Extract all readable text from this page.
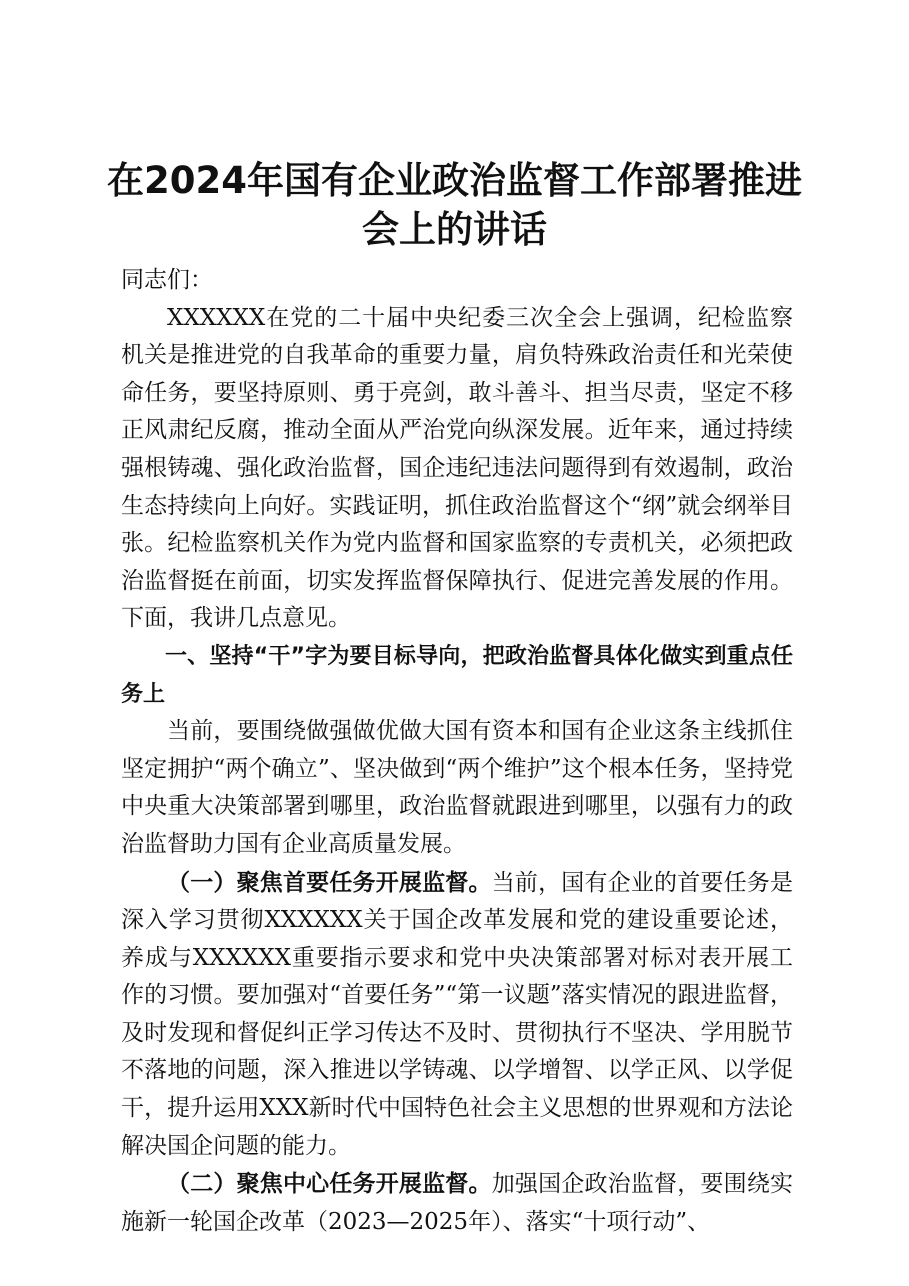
在2024年国有企业政治监督工作部署推进会上的讲话

同志们：

XXXXXX在党的二十届中央纪委三次全会上强调，纪检监察机关是推进党的自我革命的重要力量，肩负特殊政治责任和光荣使命任务，要坚持原则、勇于亮剑，敢斗善斗、担当尽责，坚定不移正风肃纪反腐，推动全面从严治党向纵深发展。近年来，通过持续强根铸魂、强化政治监督，国企违纪违法问题得到有效遏制，政治生态持续向上向好。实践证明，抓住政治监督这个“纲”就会纲举目张。纪检监察机关作为党内监督和国家监察的专责机关，必须把政治监督挺在前面，切实发挥监督保障执行、促进完善发展的作用。下面，我讲几点意见。

一、坚持“干”字为要目标导向，把政治监督具体化做实到重点任务上

当前，要围绕做强做优做大国有资本和国有企业这条主线抓住坚定拥护“两个确立”、坚决做到“两个维护”这个根本任务，坚持党中央重大决策部署到哪里，政治监督就跟进到哪里，以强有力的政治监督助力国有企业高质量发展。

（一）聚焦首要任务开展监督。当前，国有企业的首要任务是深入学习贯彻XXXXXX关于国企改革发展和党的建设重要论述，养成与XXXXXX重要指示要求和党中央决策部署对标对表开展工作的习惯。要加强对“首要任务”“第一议题”落实情况的跟进监督，及时发现和督促纠正学习传达不及时、贯彻执行不坚决、学用脱节不落地的问题，深入推进以学铸魂、以学增智、以学正风、以学促干，提升运用XXX新时代中国特色社会主义思想的世界观和方法论解决国企问题的能力。

（二）聚焦中心任务开展监督。加强国企政治监督，要围绕实施新一轮国企改革（2023—2025年）、落实“十项行动”、
